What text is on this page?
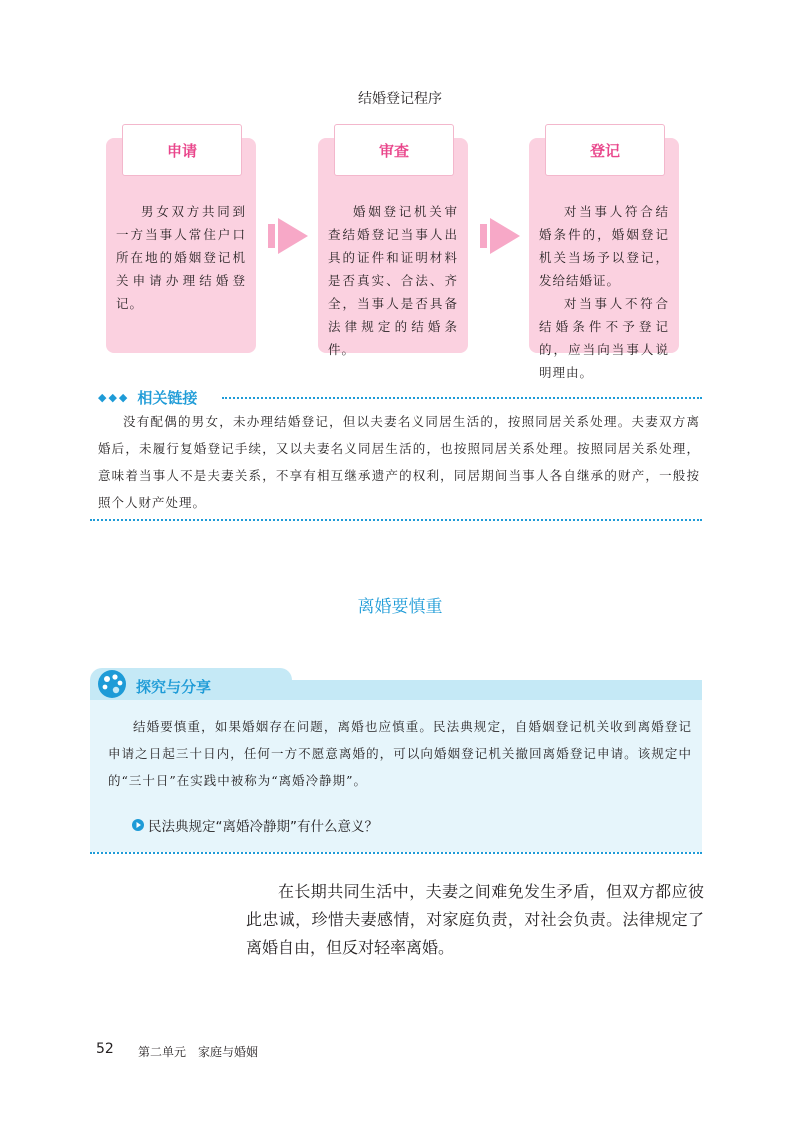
结婚登记程序
申请

男女双方共同到一方当事人常住户口所在地的婚姻登记机关申请办理结婚登记。

审查

婚姻登记机关审查结婚登记当事人出具的证件和证明材料是否真实、合法、齐全，当事人是否具备法律规定的结婚条件。

登记

对当事人符合结婚条件的，婚姻登记机关当场予以登记，发给结婚证。

对当事人不符合结婚条件不予登记的，应当向当事人说明理由。

◆◆◆ 相关链接

没有配偶的男女，未办理结婚登记，但以夫妻名义同居生活的，按照同居关系处理。夫妻双方离婚后，未履行复婚登记手续，又以夫妻名义同居生活的，也按照同居关系处理。按照同居关系处理，意味着当事人不是夫妻关系，不享有相互继承遗产的权利，同居期间当事人各自继承的财产，一般按照个人财产处理。

离婚要慎重
探究与分享

结婚要慎重，如果婚姻存在问题，离婚也应慎重。民法典规定，自婚姻登记机关收到离婚登记申请之日起三十日内，任何一方不愿意离婚的，可以向婚姻登记机关撤回离婚登记申请。该规定中的“三十日”在实践中被称为“离婚冷静期”。

民法典规定“离婚冷静期”有什么意义？

在长期共同生活中，夫妻之间难免发生矛盾，但双方都应彼此忠诚，珍惜夫妻感情，对家庭负责，对社会负责。法律规定了离婚自由，但反对轻率离婚。

52 第二单元　家庭与婚姻
